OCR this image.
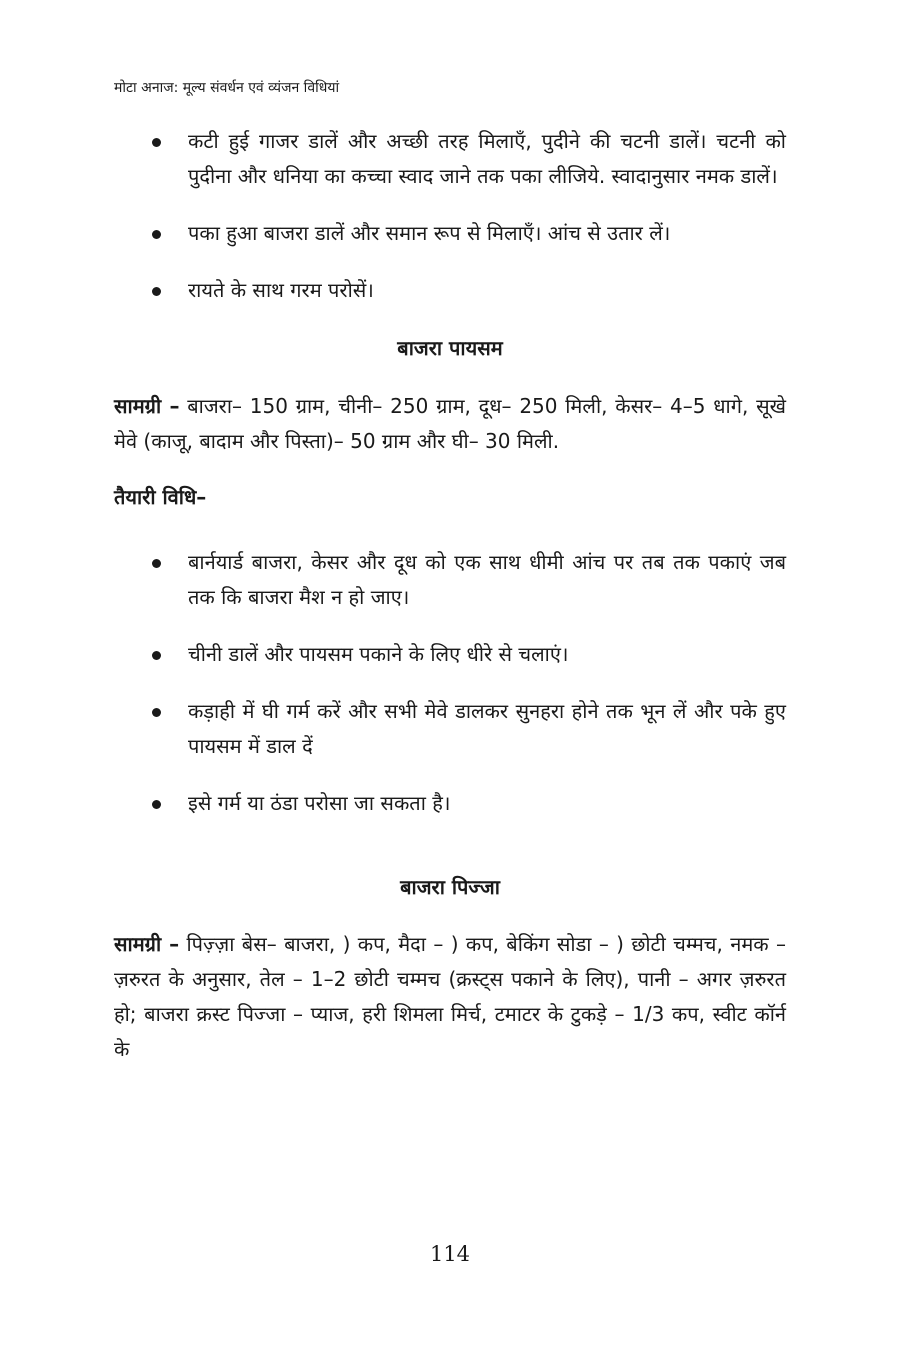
मोटा अनाज: मूल्य संवर्धन एवं व्यंजन विधियां
कटी हुई गाजर डालें और अच्छी तरह मिलाएँ, पुदीने की चटनी डालें। चटनी को पुदीना और धनिया का कच्चा स्वाद जाने तक पका लीजिये. स्वादानुसार नमक डालें।
पका हुआ बाजरा डालें और समान रूप से मिलाएँ। आंच से उतार लें।
रायते के साथ गरम परोसें।
बाजरा पायसम

सामग्री – बाजरा– 150 ग्राम, चीनी– 250 ग्राम, दूध– 250 मिली, केसर– 4–5 धागे, सूखे मेवे (काजू, बादाम और पिस्ता)– 50 ग्राम और घी– 30 मिली.

तैयारी विधि–
बार्नयार्ड बाजरा, केसर और दूध को एक साथ धीमी आंच पर तब तक पकाएं जब तक कि बाजरा मैश न हो जाए।
चीनी डालें और पायसम पकाने के लिए धीरे से चलाएं।
कड़ाही में घी गर्म करें और सभी मेवे डालकर सुनहरा होने तक भून लें और पके हुए पायसम में डाल दें
इसे गर्म या ठंडा परोसा जा सकता है।
बाजरा पिज्जा

सामग्री – पिज़्ज़ा बेस– बाजरा, ) कप, मैदा – ) कप, बेकिंग सोडा – ) छोटी चम्मच, नमक – ज़रुरत के अनुसार, तेल – 1–2 छोटी चम्मच (क्रस्ट्स पकाने के लिए), पानी – अगर ज़रुरत हो; बाजरा क्रस्ट पिज्जा – प्याज, हरी शिमला मिर्च, टमाटर के टुकड़े – 1/3 कप, स्वीट कॉर्न के

114
